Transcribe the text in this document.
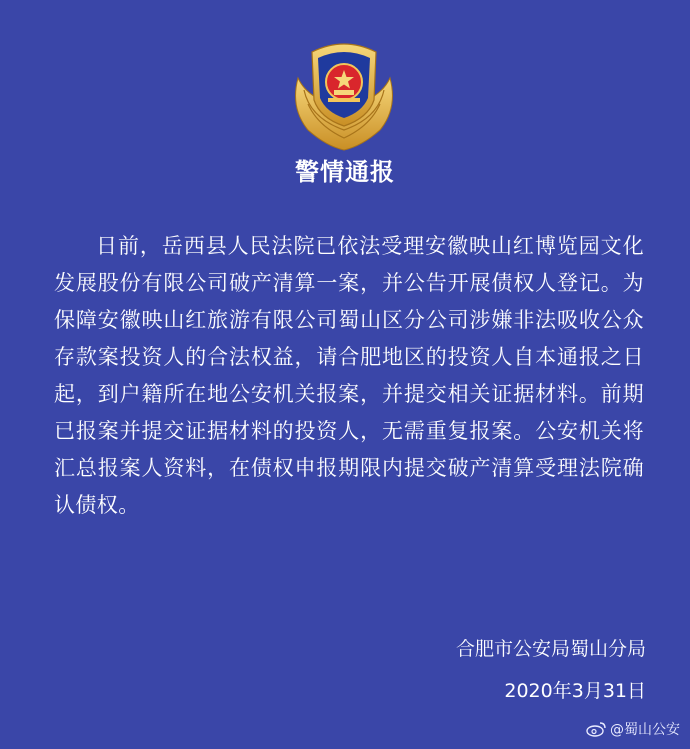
警情通报
日前，岳西县人民法院已依法受理安徽映山红博览园文化发展股份有限公司破产清算一案，并公告开展债权人登记。为保障安徽映山红旅游有限公司蜀山区分公司涉嫌非法吸收公众存款案投资人的合法权益，请合肥地区的投资人自本通报之日起，到户籍所在地公安机关报案，并提交相关证据材料。前期已报案并提交证据材料的投资人，无需重复报案。公安机关将汇总报案人资料，在债权申报期限内提交破产清算受理法院确认债权。
合肥市公安局蜀山分局
2020年3月31日
@蜀山公安
